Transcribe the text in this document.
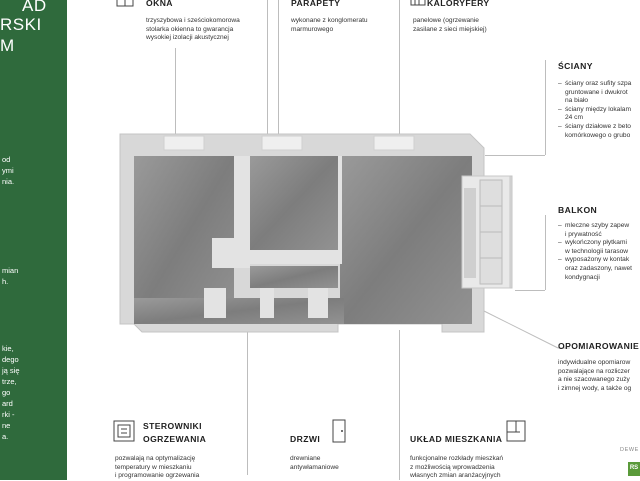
AD
RSKI
M
od
ymi
nia.
mian
h.
kie,
dego
ją się
trze,
go
ard
rki -
ne
a.
OKNA
trzyszybowa i sześciokomorowa
stolarka okienna to gwarancja
wysokiej izolacji akustycznej
PARAPETY
wykonane z konglomeratu
marmurowego
KALORYFERY
panelowe (ogrzewanie
zasilane z sieci miejskiej)
ŚCIANY
– ściany oraz sufity szpa
gruntowane i dwukrot
na biało
– ściany między lokalam
24 cm
– ściany działowe z beto
komórkowego o grubo
BALKON
– mleczne szyby zapew
i prywatność
– wykończony płytkami
w technologii tarasow
– wyposażony w kontak
oraz zadaszony, nawet
kondygnacji
OPOMIAROWANIE
indywidualne opomiarow
pozwalające na rozliczer
a nie szacowanego zuży
i zimnej wody, a także og
STEROWNIKI
OGRZEWANIA
pozwalają na optymalizację
temperatury w mieszkaniu
i programowanie ogrzewania
DRZWI
drewniane
antywłamaniowe
UKŁAD MIESZKANIA
funkcjonalne rozkłady mieszkań
z możliwością wprowadzenia
własnych zmian aranżacyjnych
DEWE
RS
